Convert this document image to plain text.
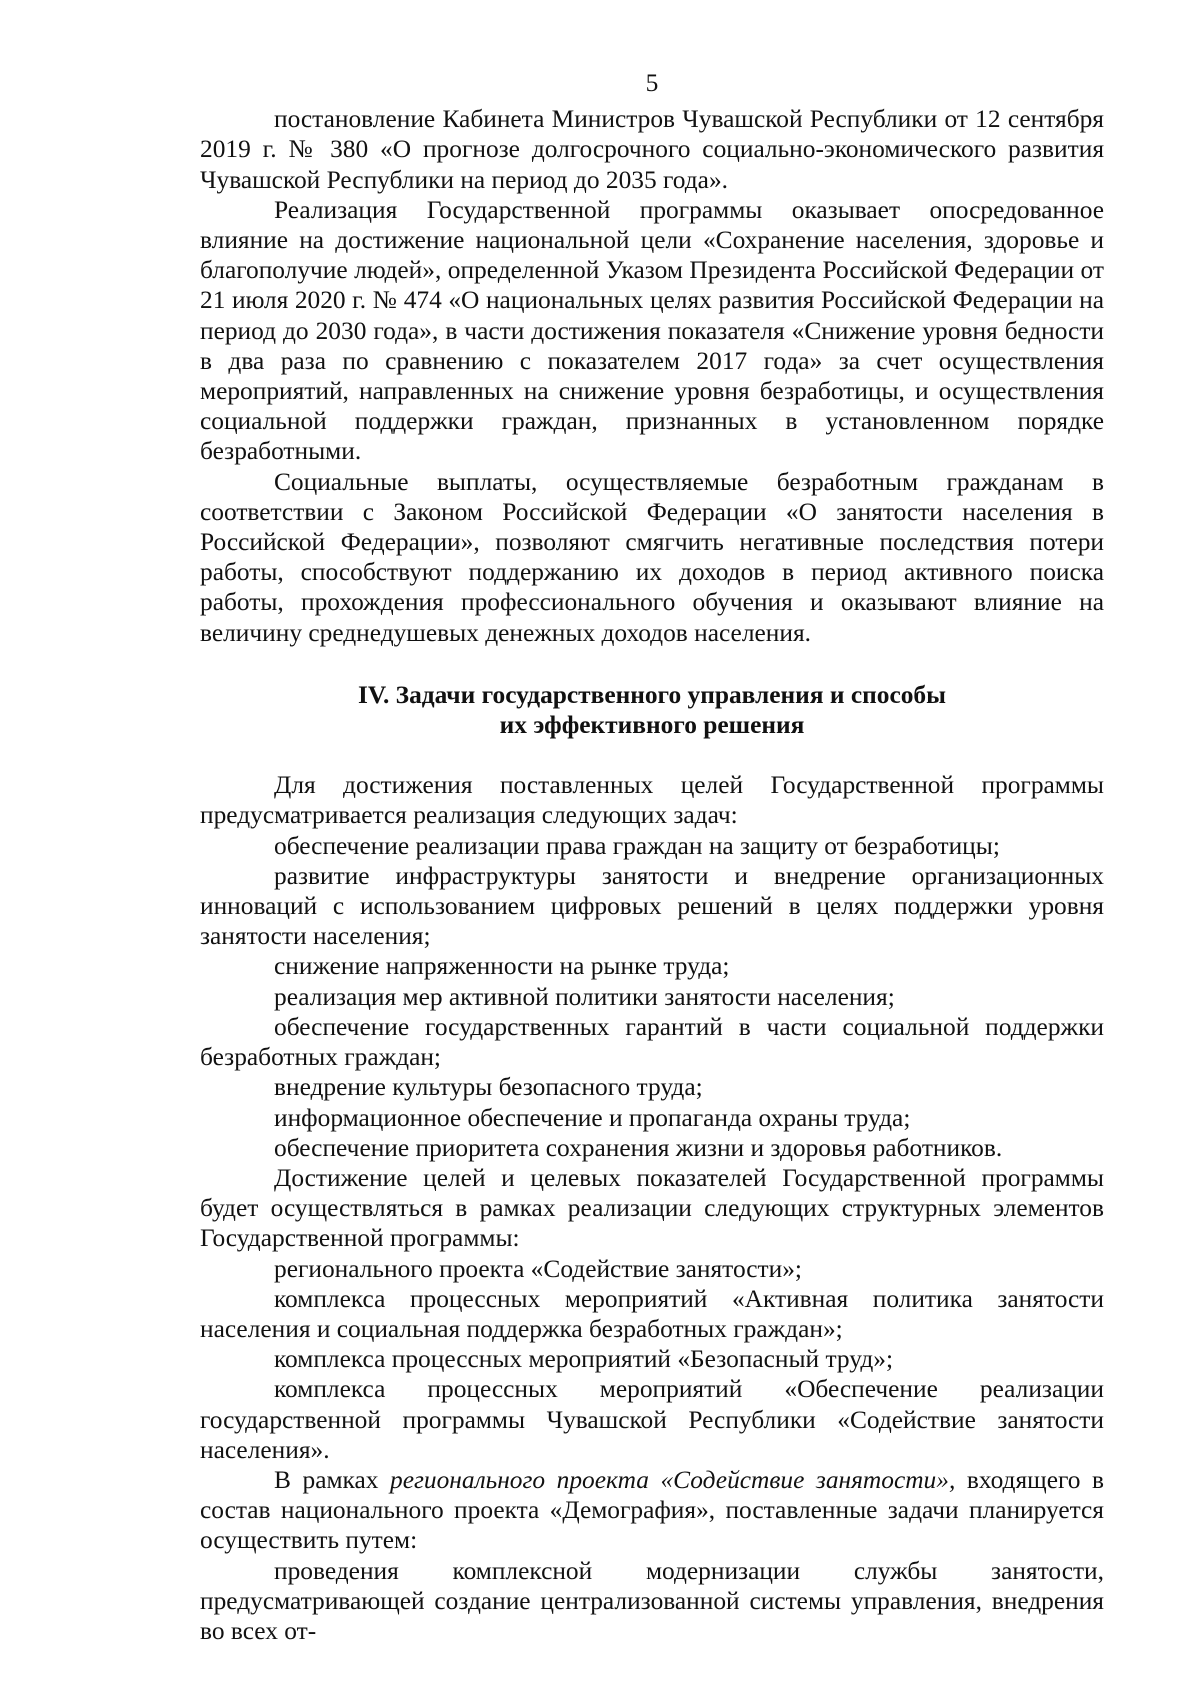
5

постановление Кабинета Министров Чувашской Республики от 12 сентября 2019 г. № 380 «О прогнозе долгосрочного социально-экономического развития Чувашской Республики на период до 2035 года».

Реализация Государственной программы оказывает опосредованное влияние на достижение национальной цели «Сохранение населения, здоровье и благополучие людей», определенной Указом Президента Российской Федерации от 21 июля 2020 г. № 474 «О национальных целях развития Российской Федерации на период до 2030 года», в части достижения показателя «Снижение уровня бедности в два раза по сравнению с показателем 2017 года» за счет осуществления мероприятий, направленных на снижение уровня безработицы, и осуществления социальной поддержки граждан, признанных в установленном порядке безработными.

Социальные выплаты, осуществляемые безработным гражданам в соответствии с Законом Российской Федерации «О занятости населения в Российской Федерации», позволяют смягчить негативные последствия потери работы, способствуют поддержанию их доходов в период активного поиска работы, прохождения профессионального обучения и оказывают влияние на величину среднедушевых денежных доходов населения.

IV. Задачи государственного управления и способы
их эффективного решения

Для достижения поставленных целей Государственной программы предусматривается реализация следующих задач:

обеспечение реализации права граждан на защиту от безработицы;

развитие инфраструктуры занятости и внедрение организационных инноваций с использованием цифровых решений в целях поддержки уровня занятости населения;

снижение напряженности на рынке труда;

реализация мер активной политики занятости населения;

обеспечение государственных гарантий в части социальной поддержки безработных граждан;

внедрение культуры безопасного труда;

информационное обеспечение и пропаганда охраны труда;

обеспечение приоритета сохранения жизни и здоровья работников.

Достижение целей и целевых показателей Государственной программы будет осуществляться в рамках реализации следующих структурных элементов Государственной программы:

регионального проекта «Содействие занятости»;

комплекса процессных мероприятий «Активная политика занятости населения и социальная поддержка безработных граждан»;

комплекса процессных мероприятий «Безопасный труд»;

комплекса процессных мероприятий «Обеспечение реализации государственной программы Чувашской Республики «Содействие занятости населения».

В рамках регионального проекта «Содействие занятости», входящего в состав национального проекта «Демография», поставленные задачи планируется осуществить путем:

проведения комплексной модернизации службы занятости, предусматривающей создание централизованной системы управления, внедрения во всех от-
